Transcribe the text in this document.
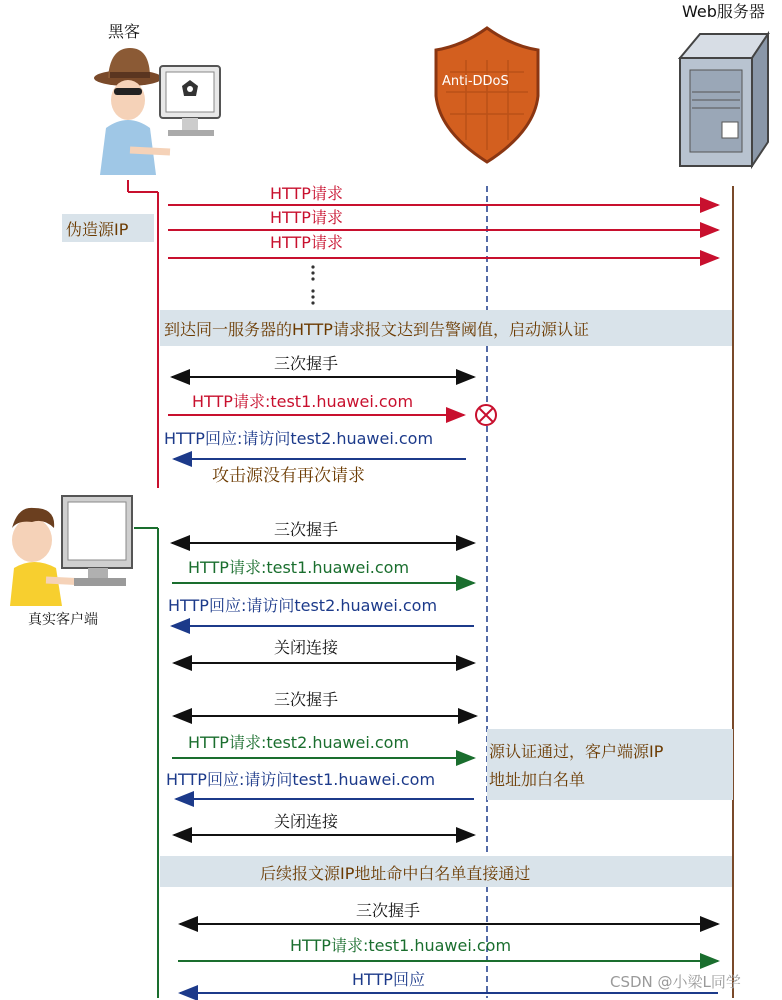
伪造源IP
到达同一服务器的HTTP请求报文达到告警阈值，启动源认证
源认证通过，客户端源IP
地址加白名单
后续报文源IP地址命中白名单直接通过
黑客
Web服务器
Anti-DDoS
真实客户端
HTTP请求
HTTP请求
HTTP请求
三次握手
HTTP请求:test1.huawei.com
HTTP回应:请访问test2.huawei.com
攻击源没有再次请求
三次握手
HTTP请求:test1.huawei.com
HTTP回应:请访问test2.huawei.com
关闭连接
三次握手
HTTP请求:test2.huawei.com
HTTP回应:请访问test1.huawei.com
关闭连接
三次握手
HTTP请求:test1.huawei.com
HTTP回应	CSDN @小梁L同学
